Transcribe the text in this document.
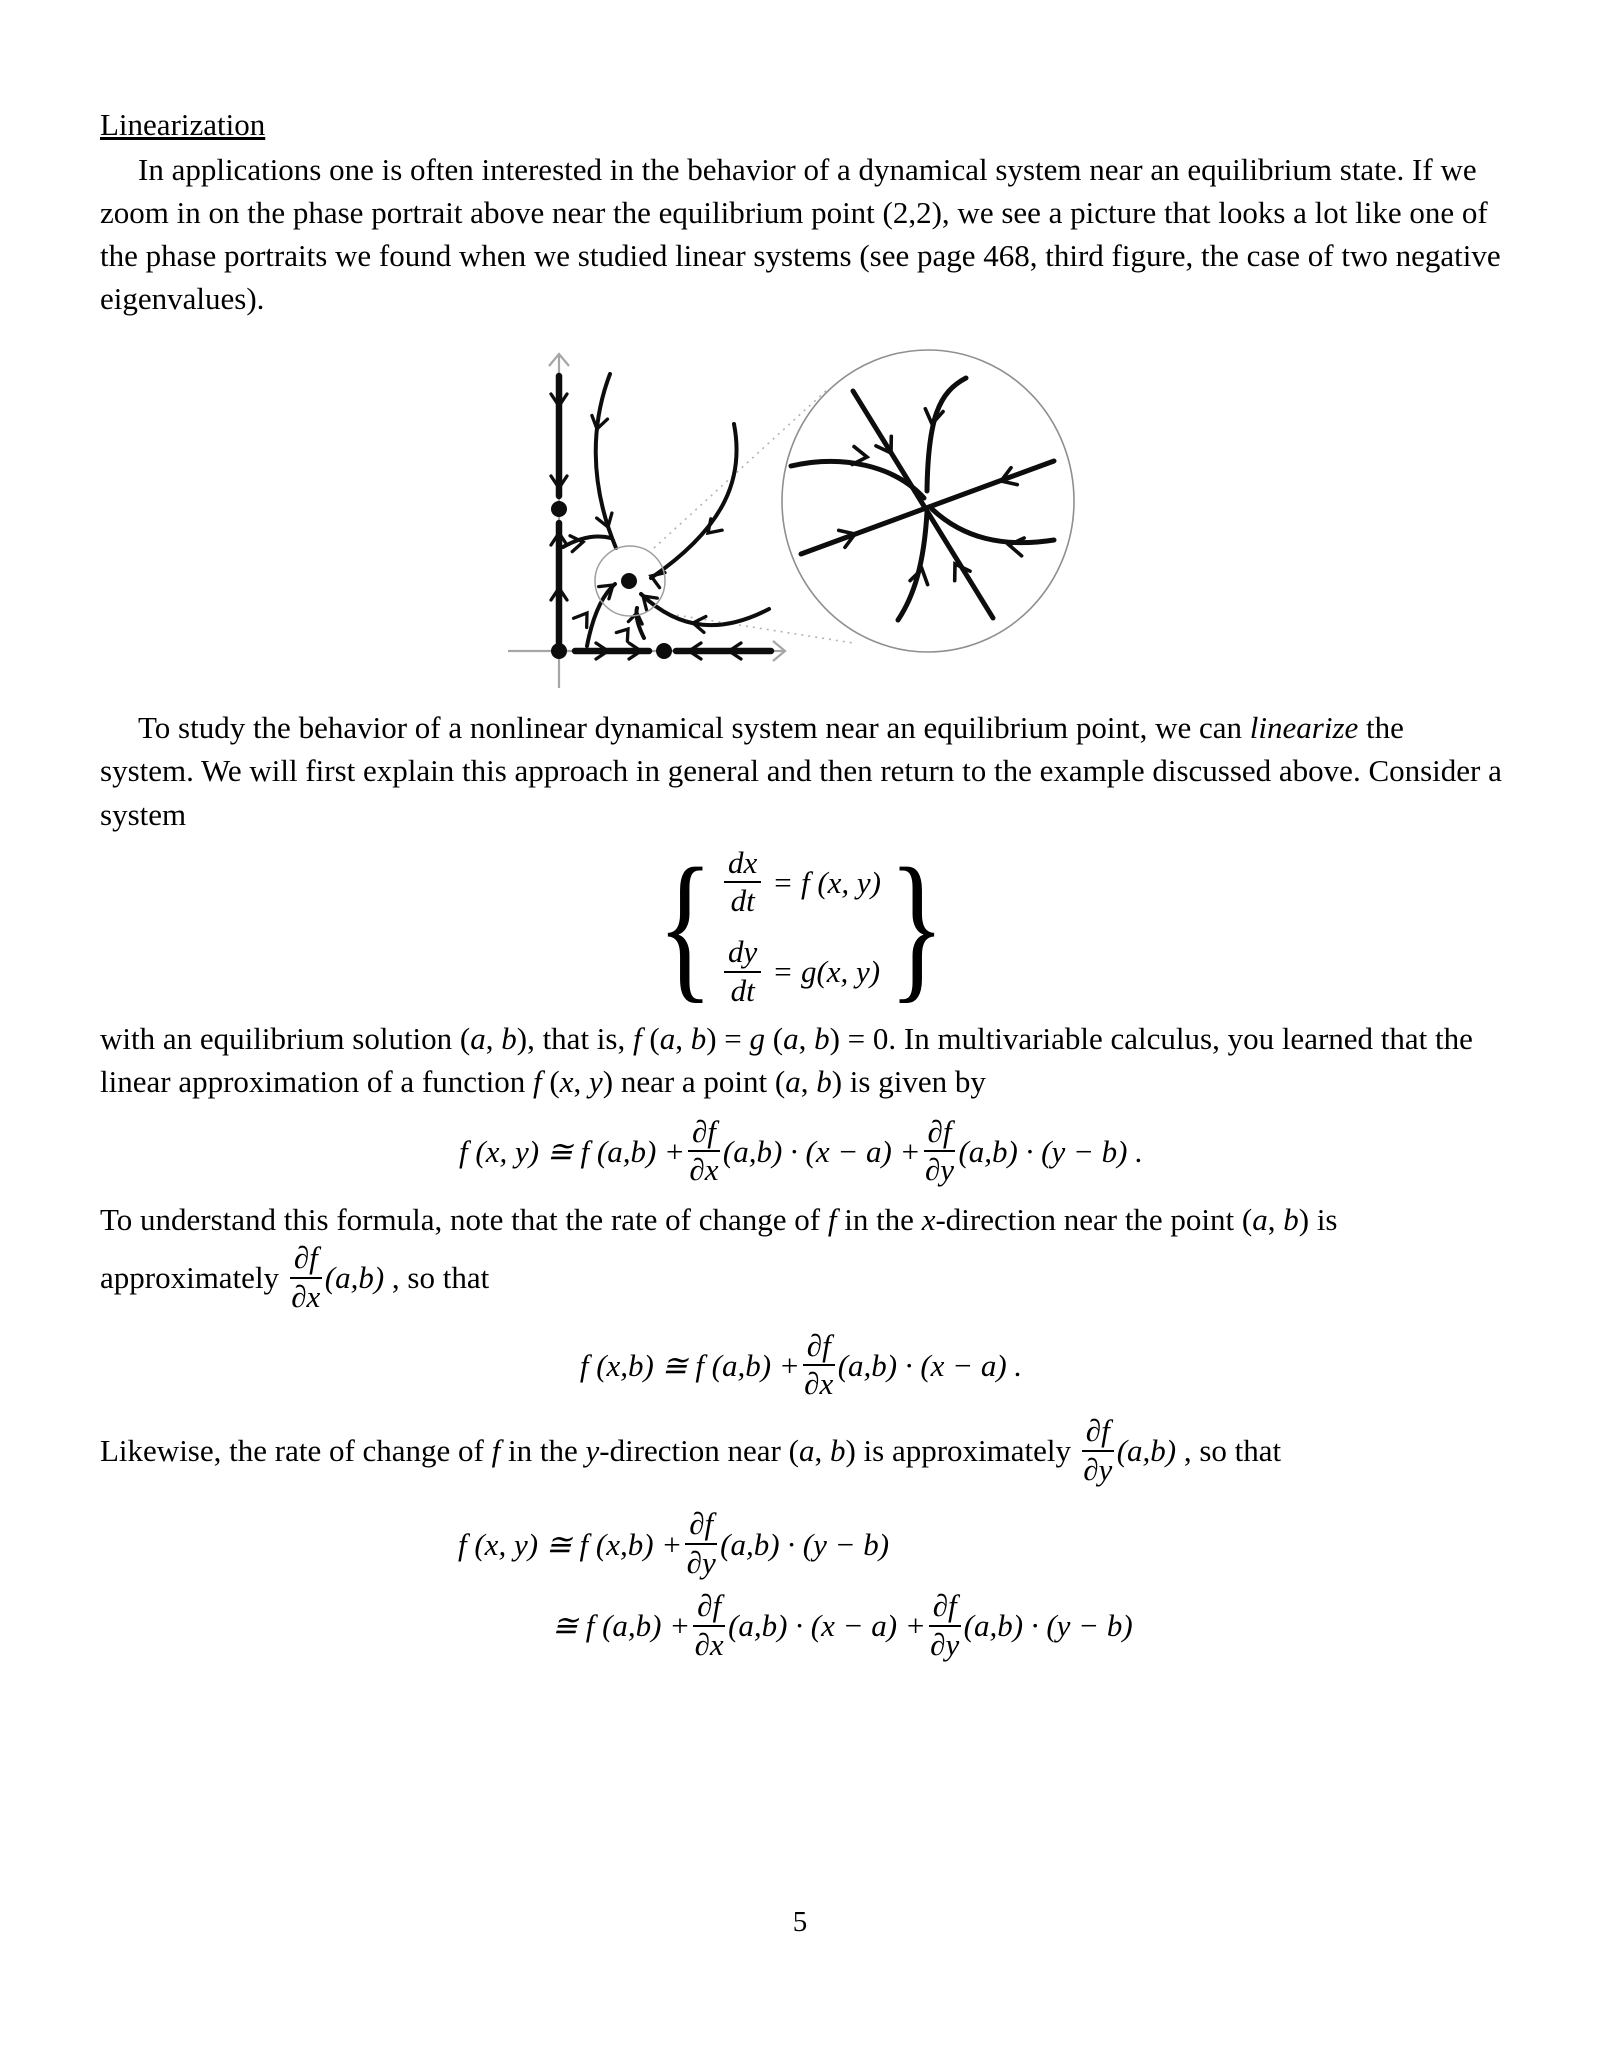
Linearization

In applications one is often interested in the behavior of a dynamical system near an equilibrium state. If we zoom in on the phase portrait above near the equilibrium point (2,2), we see a picture that looks a lot like one of the phase portraits we found when we studied linear systems (see page 468, third figure, the case of two negative eigenvalues).

To study the behavior of a nonlinear dynamical system near an equilibrium point, we can linearize the system. We will first explain this approach in general and then return to the example discussed above. Consider a system

{ $\frac{dx}{dt} = f$ (x, y)
$\frac{dy}{dt} = g(x$, y) }

with an equilibrium solution (a, b), that is, f (a, b) = g (a, b) = 0. In multivariable calculus, you learned that the linear approximation of a function f (x, y) near a point (a, b) is given by

f (x, y) ≅ f $(a,b) + \frac{\partial f}{\partial x} (a,b) \cdot (x - a) + \frac{\partial f}{\partial y} (a,b) \cdot (y - b)$ .

To understand this formula, note that the rate of change of f in the x-direction near the point (a, b) is

approximately $\frac{\partial f}{\partial x} (a,b)$ , so that
f (x,b) ≅ f $(a,b) + \frac{\partial f}{\partial x} (a,b) \cdot (x - a)$ .
Likewise, the rate of change of f in the y-direction near (a, b) is approximately $\frac{\partial f}{\partial y} (a,b)$ , so that
f (x, y) ≅ f $(x,b) + \frac{\partial f}{\partial y} (a,b) \cdot (y - b)$
≅ f $(a,b) + \frac{\partial f}{\partial x} (a,b) \cdot (x - a) + \frac{\partial f}{\partial y} (a,b) \cdot (y - b)$
5
